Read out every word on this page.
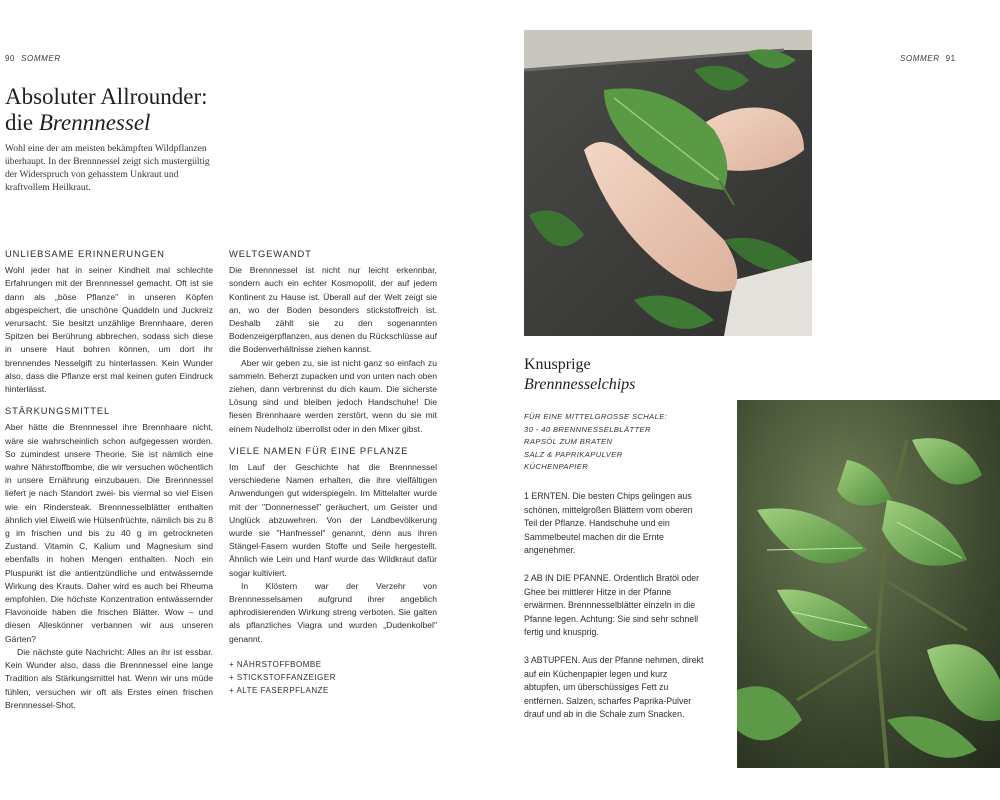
90 SOMMER
Absoluter Allrounder:
die Brennnessel

Wohl eine der am meisten bekämpften Wildpflanzen überhaupt. In der Brennnessel zeigt sich mustergültig der Widerspruch von gehasstem Unkraut und kraftvollem Heilkraut.

UNLIEBSAME ERINNERUNGEN

Wohl jeder hat in seiner Kindheit mal schlechte Erfahrungen mit der Brennnessel gemacht. Oft ist sie dann als „böse Pflanze" in unseren Köpfen abgespeichert, die unschöne Quaddeln und Juckreiz verursacht. Sie besitzt unzählige Brennhaare, deren Spitzen bei Berührung abbrechen, sodass sich diese in unsere Haut bohren können, um dort ihr brennendes Nesselgift zu hinterlassen. Kein Wunder also, dass die Pflanze erst mal keinen guten Eindruck hinterlässt.

STÄRKUNGSMITTEL

Aber hätte die Brennnessel ihre Brennhaare nicht, wäre sie wahrscheinlich schon aufgegessen worden. So zumindest unsere Theorie. Sie ist nämlich eine wahre Nährstoffbombe, die wir versuchen wöchentlich in unsere Ernährung einzubauen. Die Brennnessel liefert je nach Standort zwei- bis viermal so viel Eisen wie ein Rindersteak. Brennnesselblätter enthalten ähnlich viel Eiweiß wie Hülsenfrüchte, nämlich bis zu 8 g im frischen und bis zu 40 g im getrockneten Zustand. Vitamin C, Kalium und Magnesium sind ebenfalls in hohen Mengen enthalten. Noch ein Pluspunkt ist die antientzündliche und entwässernde Wirkung des Krauts. Daher wird es auch bei Rheuma empfohlen. Die höchste Konzentration entwässernder Flavonoide haben die frischen Blätter. Wow – und diesen Alleskönner verbannen wir aus unseren Gärten?

Die nächste gute Nachricht: Alles an ihr ist essbar. Kein Wunder also, dass die Brennnessel eine lange Tradition als Stärkungsmittel hat. Wenn wir uns müde fühlen, versuchen wir oft als Erstes einen frischen Brennnessel-Shot.

WELTGEWANDT

Die Brennnessel ist nicht nur leicht erkennbar, sondern auch ein echter Kosmopolit, der auf jedem Kontinent zu Hause ist. Überall auf der Welt zeigt sie an, wo der Boden besonders stickstoffreich ist. Deshalb zählt sie zu den sogenannten Bodenzeigerpflanzen, aus denen du Rückschlüsse auf die Bodenverhältnisse ziehen kannst.

Aber wir geben zu, sie ist nicht ganz so einfach zu sammeln. Beherzt zupacken und von unten nach oben ziehen, dann verbrennst du dich kaum. Die sicherste Lösung sind und bleiben jedoch Handschuhe! Die fiesen Brennhaare werden zerstört, wenn du sie mit einem Nudelholz überrollst oder in den Mixer gibst.

VIELE NAMEN FÜR EINE PFLANZE

Im Lauf der Geschichte hat die Brennnessel verschiedene Namen erhalten, die ihre vielfältigen Anwendungen gut widerspiegeln. Im Mittelalter wurde mit der "Donnernessel" geräuchert, um Geister und Unglück abzuwehren. Von der Landbevölkerung wurde sie "Hanfnessel" genannt, denn aus ihren Stängel-Fasern wurden Stoffe und Seile hergestellt. Ähnlich wie Lein und Hanf wurde das Wildkraut dafür sogar kultiviert.

In Klöstern war der Verzehr von Brennnesselsamen aufgrund ihrer angeblich aphrodisierenden Wirkung streng verboten. Sie galten als pflanzliches Viagra und wurden „Dudenkolbel" genannt.

+ NÄHRSTOFFBOMBE
+ STICKSTOFFANZEIGER
+ ALTE FASERPFLANZE
SOMMER 91
Knusprige
Brennnesselchips
FÜR EINE MITTELGROSSE SCHALE:
30 - 40 BRENNNESSELBLÄTTER
RAPSÖL ZUM BRATEN
SALZ & PAPRIKAPULVER
KÜCHENPAPIER

1 ERNTEN. Die besten Chips gelingen aus schönen, mittelgroßen Blättern vom oberen Teil der Pflanze. Handschuhe und ein Sammelbeutel machen dir die Ernte angenehmer.

2 AB IN DIE PFANNE. Ordentlich Bratöl oder Ghee bei mittlerer Hitze in der Pfanne erwärmen. Brennnesselblätter einzeln in die Pfanne legen. Achtung: Sie sind sehr schnell fertig und knusprig.

3 ABTUPFEN. Aus der Pfanne nehmen, direkt auf ein Küchenpapier legen und kurz abtupfen, um überschüssiges Fett zu entfernen. Salzen, scharfes Paprika-Pulver drauf und ab in die Schale zum Snacken.
